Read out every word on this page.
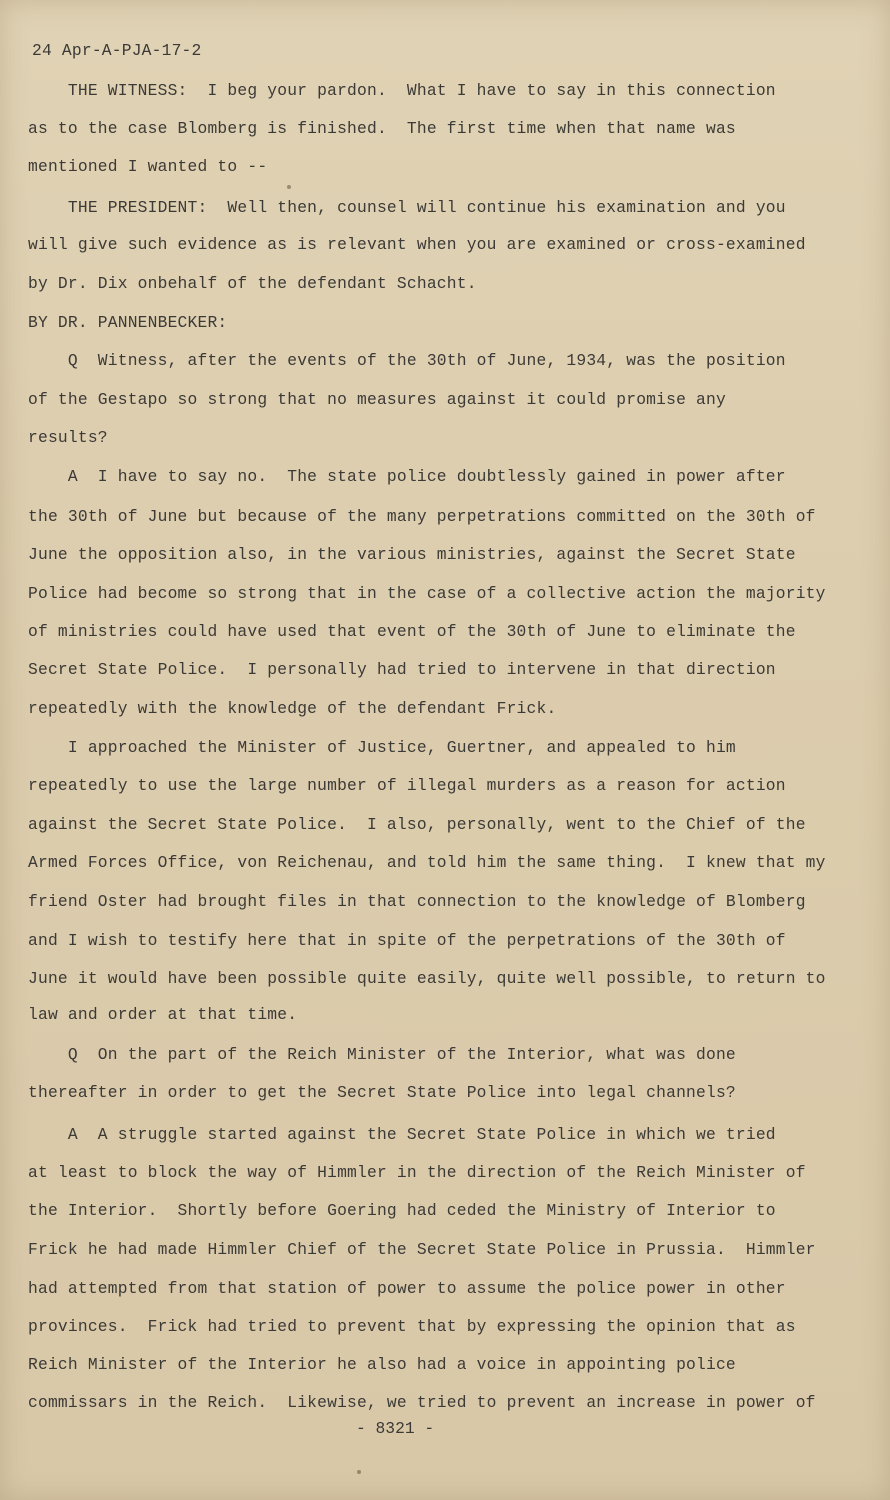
24 Apr-A-PJA-17-2
THE WITNESS:  I beg your pardon.  What I have to say in this connection
as to the case Blomberg is finished.  The first time when that name was
mentioned I wanted to --
THE PRESIDENT:  Well then, counsel will continue his examination and you
will give such evidence as is relevant when you are examined or cross-examined
by Dr. Dix onbehalf of the defendant Schacht.
BY DR. PANNENBECKER:
Q  Witness, after the events of the 30th of June, 1934, was the position
of the Gestapo so strong that no measures against it could promise any
results?
A  I have to say no.  The state police doubtlessly gained in power after
the 30th of June but because of the many perpetrations committed on the 30th of
June the opposition also, in the various ministries, against the Secret State
Police had become so strong that in the case of a collective action the majority
of ministries could have used that event of the 30th of June to eliminate the
Secret State Police.  I personally had tried to intervene in that direction
repeatedly with the knowledge of the defendant Frick.
I approached the Minister of Justice, Guertner, and appealed to him
repeatedly to use the large number of illegal murders as a reason for action
against the Secret State Police.  I also, personally, went to the Chief of the
Armed Forces Office, von Reichenau, and told him the same thing.  I knew that my
friend Oster had brought files in that connection to the knowledge of Blomberg
and I wish to testify here that in spite of the perpetrations of the 30th of
June it would have been possible quite easily, quite well possible, to return to
law and order at that time.
Q  On the part of the Reich Minister of the Interior, what was done
thereafter in order to get the Secret State Police into legal channels?
A  A struggle started against the Secret State Police in which we tried
at least to block the way of Himmler in the direction of the Reich Minister of
the Interior.  Shortly before Goering had ceded the Ministry of Interior to
Frick he had made Himmler Chief of the Secret State Police in Prussia.  Himmler
had attempted from that station of power to assume the police power in other
provinces.  Frick had tried to prevent that by expressing the opinion that as
Reich Minister of the Interior he also had a voice in appointing police
commissars in the Reich.  Likewise, we tried to prevent an increase in power of
- 8321 -
